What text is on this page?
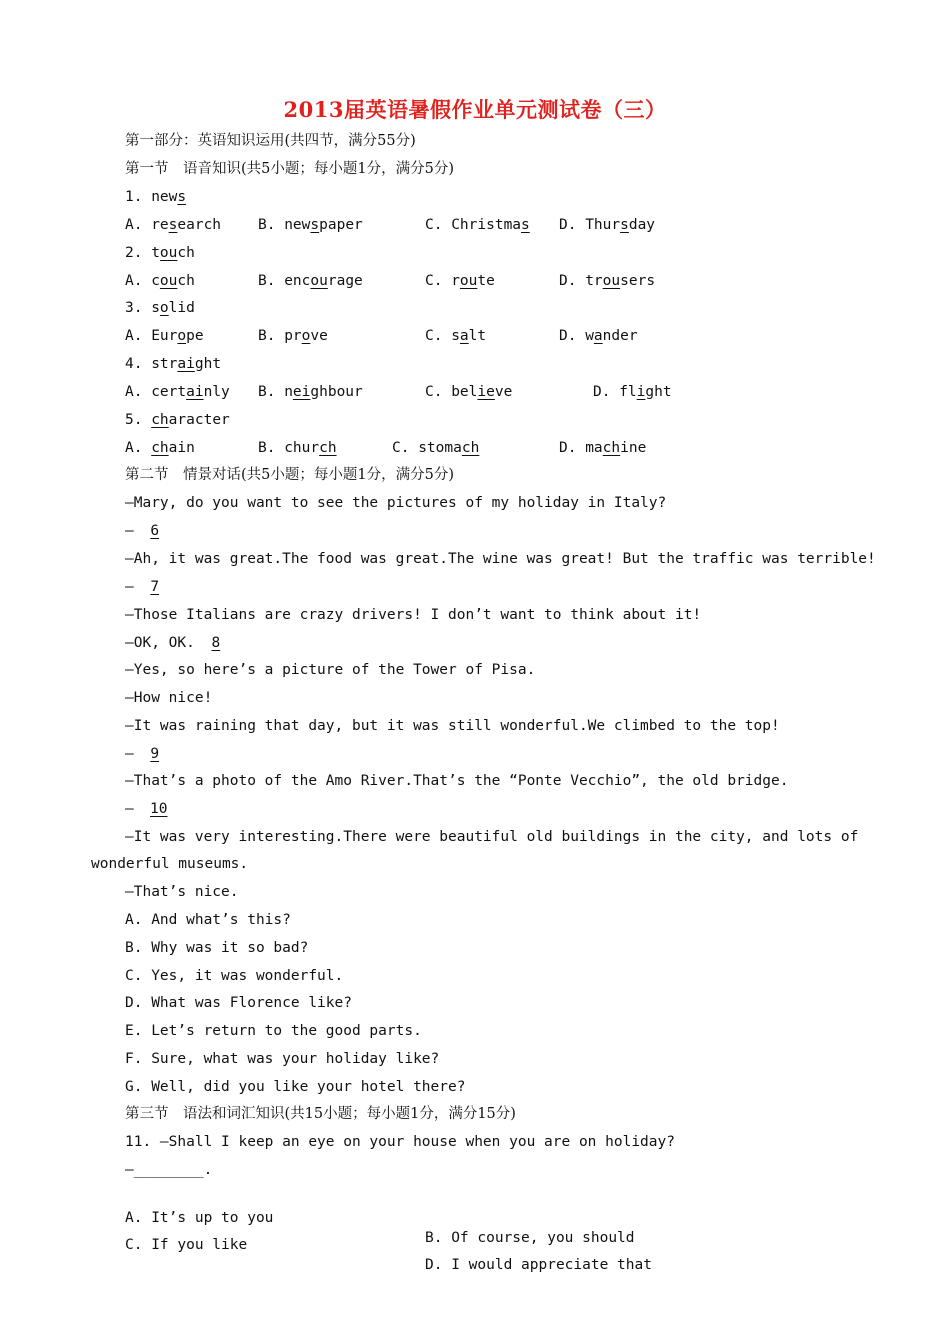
2013届英语暑假作业单元测试卷（三）
第一部分：英语知识运用(共四节，满分55分)
第一节　语音知识(共5小题；每小题1分，满分5分)
1. news
A. research	B. newspaper	C. Christmas D. Thursday
2. touch
A. couch	B. encourage	C. route	D. trousers
3. solid
A. Europe	B. prove	C. salt	D. wander
4. straight
A. certainly B. neighbour	C. believe	D. flight
5. character
A. chain	B. church	C. stomach	D. machine
第二节　情景对话(共5小题；每小题1分，满分5分)
—Mary, do you want to see the pictures of my holiday in Italy?
— 6
—Ah, it was great.The food was great.The wine was great! But the traffic was terrible!
— 7
—Those Italians are crazy drivers! I don’t want to think about it!
—OK, OK. 8
—Yes, so here’s a picture of the Tower of Pisa.
—How nice!
—It was raining that day, but it was still wonderful.We climbed to the top!
— 9
—That’s a photo of the Amo River.That’s the “Ponte Vecchio”, the old bridge.
— 10
—It was very interesting.There were beautiful old buildings in the city, and lots of
wonderful museums.
—That’s nice.
A. And what’s this?
B. Why was it so bad?
C. Yes, it was wonderful.
D. What was Florence like?
E. Let’s return to the good parts.
F. Sure, what was your holiday like?
G. Well, did you like your hotel there?
第三节　语法和词汇知识(共15小题；每小题1分，满分15分)
11. —Shall I keep an eye on your house when you are on holiday?
—________.

A. It’s up to you

B. Of course, you should

C. If you like

D. I would appreciate that
